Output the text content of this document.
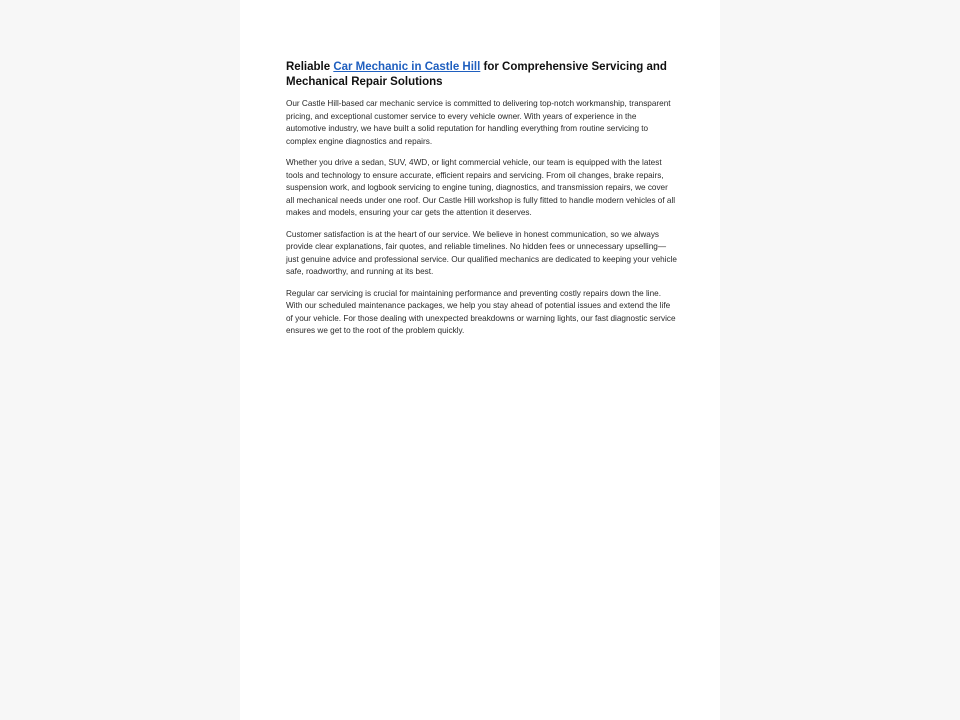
Reliable Car Mechanic in Castle Hill for Comprehensive Servicing and Mechanical Repair Solutions

Our Castle Hill-based car mechanic service is committed to delivering top-notch workmanship, transparent pricing, and exceptional customer service to every vehicle owner. With years of experience in the automotive industry, we have built a solid reputation for handling everything from routine servicing to complex engine diagnostics and repairs.

Whether you drive a sedan, SUV, 4WD, or light commercial vehicle, our team is equipped with the latest tools and technology to ensure accurate, efficient repairs and servicing. From oil changes, brake repairs, suspension work, and logbook servicing to engine tuning, diagnostics, and transmission repairs, we cover all mechanical needs under one roof. Our Castle Hill workshop is fully fitted to handle modern vehicles of all makes and models, ensuring your car gets the attention it deserves.

Customer satisfaction is at the heart of our service. We believe in honest communication, so we always provide clear explanations, fair quotes, and reliable timelines. No hidden fees or unnecessary upselling—just genuine advice and professional service. Our qualified mechanics are dedicated to keeping your vehicle safe, roadworthy, and running at its best.

Regular car servicing is crucial for maintaining performance and preventing costly repairs down the line. With our scheduled maintenance packages, we help you stay ahead of potential issues and extend the life of your vehicle. For those dealing with unexpected breakdowns or warning lights, our fast diagnostic service ensures we get to the root of the problem quickly.
